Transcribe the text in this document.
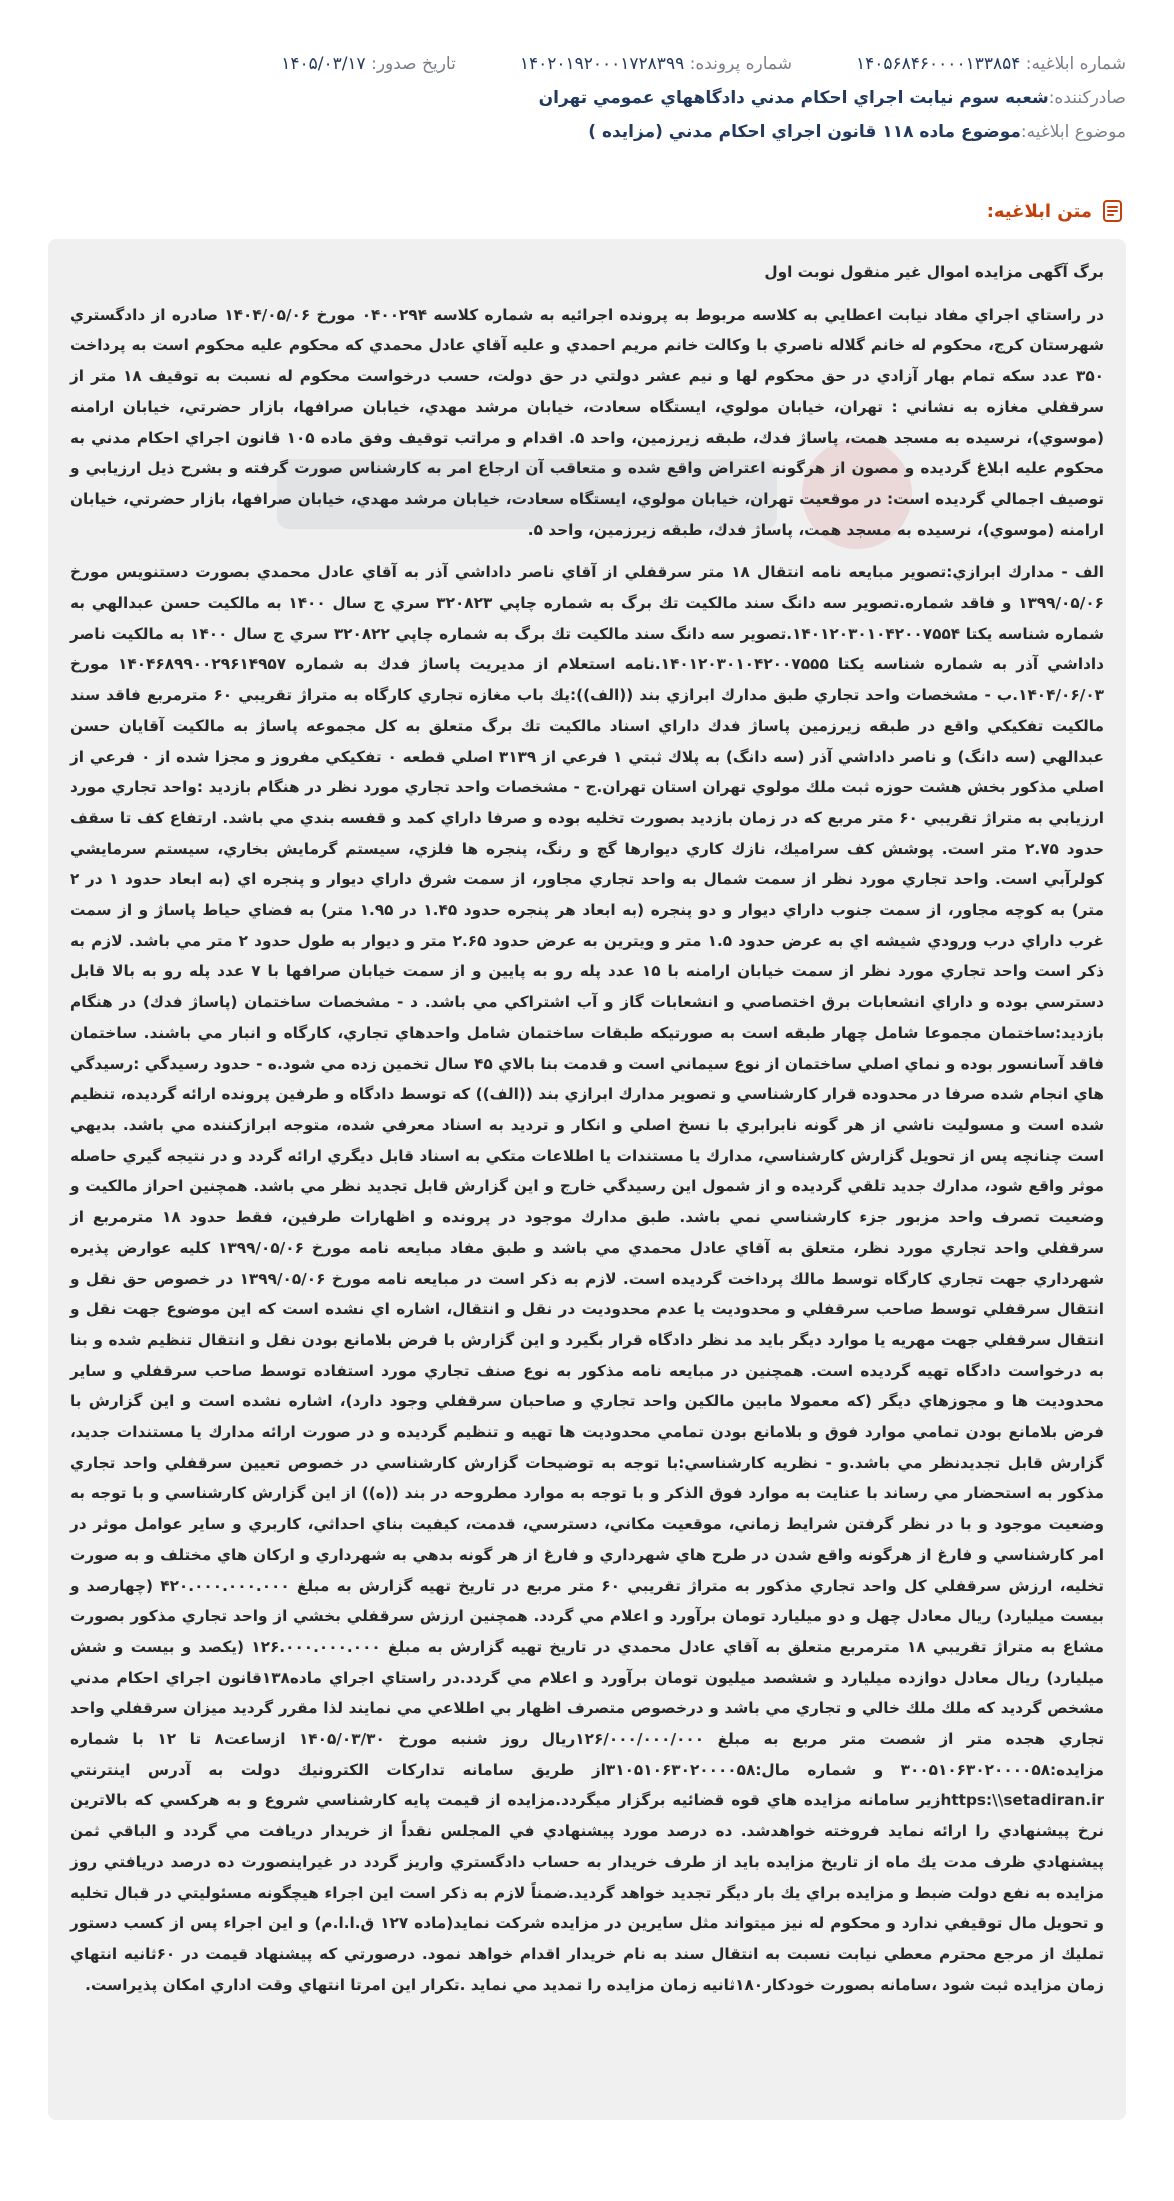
شماره ابلاغیه: ۱۴۰۵۶۸۴۶۰۰۰۰۱۳۳۸۵۴
شماره پرونده: ۱۴۰۲۰۱۹۲۰۰۰۱۷۲۸۳۹۹
تاریخ صدور: ۱۴۰۵/۰۳/۱۷
صادرکننده:
شعبه سوم نيابت اجراي احكام مدني دادگاههاي عمومي تهران
موضوع ابلاغیه:
موضوع ماده ۱۱۸ قانون اجراي احكام مدني (مزايده )
متن ابلاغیه:

برگ آگهی مزايده اموال غير منقول نوبت اول

در راستاي اجراي مفاد نيابت اعطايي به كلاسه مربوط به پرونده اجرائيه به شماره كلاسه ۰۴۰۰۲۹۴ مورخ ۱۴۰۴/۰۵/۰۶ صادره از دادگستري شهرستان كرج، محكوم له خانم گلاله ناصري با وكالت خانم مريم احمدي و عليه آقاي عادل محمدي كه محكوم عليه محكوم است به پرداخت ۳۵۰ عدد سكه تمام بهار آزادي در حق محكوم لها و نيم عشر دولتي در حق دولت، حسب درخواست محكوم له نسبت به توقيف ۱۸ متر از سرقفلي مغازه به نشاني : تهران، خيابان مولوي، ايستگاه سعادت، خيابان مرشد مهدي، خيابان صرافها، بازار حضرتي، خيابان ارامنه (موسوي)، نرسيده به مسجد همت، پاساژ فدك، طبقه زيرزمين، واحد ۵. اقدام و مراتب توقيف وفق ماده ۱۰۵ قانون اجراي احكام مدني به محكوم عليه ابلاغ گرديده و مصون از هرگونه اعتراض واقع شده و متعاقب آن ارجاع امر به كارشناس صورت گرفته و بشرح ذيل ارزيابي و توصيف اجمالي گرديده است: در موقعيت تهران، خيابان مولوي، ايستگاه سعادت، خيابان مرشد مهدي، خيابان صرافها، بازار حضرتي، خيابان ارامنه (موسوي)، نرسيده به مسجد همت، پاساژ فدك، طبقه زيرزمين، واحد ۵.

الف - مدارك ابرازي:تصوير مبايعه نامه انتقال ۱۸ متر سرقفلي از آقاي ناصر داداشي آذر به آقاي عادل محمدي بصورت دستنويس مورخ ۱۳۹۹/۰۵/۰۶ و فاقد شماره.تصوير سه دانگ سند مالكيت تك برگ به شماره چاپي ۳۲۰۸۲۳ سري ج سال ۱۴۰۰ به مالكيت حسن عبدالهي به شماره شناسه يكتا ۱۴۰۱۲۰۳۰۱۰۴۲۰۰۷۵۵۴.تصوير سه دانگ سند مالكيت تك برگ به شماره چاپي ۳۲۰۸۲۲ سري ج سال ۱۴۰۰ به مالكيت ناصر داداشي آذر به شماره شناسه يكتا ۱۴۰۱۲۰۳۰۱۰۴۲۰۰۷۵۵۵.نامه استعلام از مديريت پاساژ فدك به شماره ۱۴۰۴۶۸۹۹۰۰۲۹۶۱۴۹۵۷ مورخ ۱۴۰۴/۰۶/۰۳.ب - مشخصات واحد تجاري طبق مدارك ابرازي بند ((الف)):يك باب مغازه تجاري كارگاه به متراژ تقريبي ۶۰ مترمربع فاقد سند مالكيت تفكيكي واقع در طبقه زيرزمين پاساژ فدك داراي اسناد مالكيت تك برگ متعلق به كل مجموعه پاساژ به مالكيت آقايان حسن عبدالهي (سه دانگ) و ناصر داداشي آذر (سه دانگ) به پلاك ثبتي ۱ فرعي از ۳۱۳۹ اصلي قطعه ۰ تفكيكي مفروز و مجزا شده از ۰ فرعي از اصلي مذكور بخش هشت حوزه ثبت ملك مولوي تهران استان تهران.ج - مشخصات واحد تجاري مورد نظر در هنگام بازديد :واحد تجاري مورد ارزيابي به متراژ تقريبي ۶۰ متر مربع كه در زمان بازديد بصورت تخليه بوده و صرفا داراي كمد و قفسه بندي مي باشد. ارتفاع كف تا سقف حدود ۲.۷۵ متر است. پوشش كف سراميك، نازك كاري ديوارها گچ و رنگ، پنجره ها فلزي، سيستم گرمايش بخاري، سيستم سرمايشي كولرآبي است. واحد تجاري مورد نظر از سمت شمال به واحد تجاري مجاور، از سمت شرق داراي ديوار و پنجره اي (به ابعاد حدود ۱ در ۲ متر) به كوچه مجاور، از سمت جنوب داراي ديوار و دو پنجره (به ابعاد هر پنجره حدود ۱.۴۵ در ۱.۹۵ متر) به فضاي حياط پاساژ و از سمت غرب داراي درب ورودي شيشه اي به عرض حدود ۱.۵ متر و ويترين به عرض حدود ۲.۶۵ متر و ديوار به طول حدود ۲ متر مي باشد. لازم به ذكر است واحد تجاري مورد نظر از سمت خيابان ارامنه با ۱۵ عدد پله رو به پايين و از سمت خيابان صرافها با ۷ عدد پله رو به بالا قابل دسترسي بوده و داراي انشعابات برق اختصاصي و انشعابات گاز و آب اشتراكي مي باشد. د - مشخصات ساختمان (پاساژ فدك) در هنگام بازديد:ساختمان مجموعا شامل چهار طبقه است به صورتيكه طبقات ساختمان شامل واحدهاي تجاري، كارگاه و انبار مي باشند. ساختمان فاقد آسانسور بوده و نماي اصلي ساختمان از نوع سيماني است و قدمت بنا بالاي ۴۵ سال تخمين زده مي شود.ه - حدود رسيدگي :رسيدگي هاي انجام شده صرفا در محدوده قرار كارشناسي و تصوير مدارك ابرازي بند ((الف)) كه توسط دادگاه و طرفين پرونده ارائه گرديده، تنظيم شده است و مسوليت ناشي از هر گونه نابرابري با نسخ اصلي و انكار و ترديد به اسناد معرفي شده، متوجه ابرازكننده مي باشد. بديهي است چنانچه پس از تحويل گزارش كارشناسي، مدارك يا مستندات يا اطلاعات متكي به اسناد قابل ديگري ارائه گردد و در نتيجه گيري حاصله موثر واقع شود، مدارك جديد تلقي گرديده و از شمول اين رسيدگي خارج و اين گزارش قابل تجديد نظر مي باشد. همچنين احراز مالكيت و وضعيت تصرف واحد مزبور جزء كارشناسي نمي باشد. طبق مدارك موجود در پرونده و اظهارات طرفين، فقط حدود ۱۸ مترمربع از سرقفلي واحد تجاري مورد نظر، متعلق به آقاي عادل محمدي مي باشد و طبق مفاد مبايعه نامه مورخ ۱۳۹۹/۰۵/۰۶ كليه عوارض پذيره شهرداري جهت تجاري كارگاه توسط مالك پرداخت گرديده است. لازم به ذكر است در مبايعه نامه مورخ ۱۳۹۹/۰۵/۰۶ در خصوص حق نقل و انتقال سرقفلي توسط صاحب سرقفلي و محدوديت يا عدم محدوديت در نقل و انتقال، اشاره اي نشده است كه اين موضوع جهت نقل و انتقال سرقفلي جهت مهريه يا موارد ديگر بايد مد نظر دادگاه قرار بگيرد و اين گزارش با فرض بلامانع بودن نقل و انتقال تنظيم شده و بنا به درخواست دادگاه تهيه گرديده است. همچنين در مبايعه نامه مذكور به نوع صنف تجاري مورد استفاده توسط صاحب سرقفلي و ساير محدوديت ها و مجوزهاي ديگر (كه معمولا مابين مالكين واحد تجاري و صاحبان سرقفلي وجود دارد)، اشاره نشده است و اين گزارش با فرض بلامانع بودن تمامي موارد فوق و بلامانع بودن تمامي محدوديت ها تهيه و تنظيم گرديده و در صورت ارائه مدارك يا مستندات جديد، گزارش قابل تجديدنظر مي باشد.و - نظريه كارشناسي:با توجه به توضيحات گزارش كارشناسي در خصوص تعيين سرقفلي واحد تجاري مذكور به استحضار مي رساند با عنايت به موارد فوق الذكر و با توجه به موارد مطروحه در بند ((ه)) از اين گزارش كارشناسي و با توجه به وضعيت موجود و با در نظر گرفتن شرايط زماني، موقعيت مكاني، دسترسي، قدمت، كيفيت بناي احداثي، كاربري و ساير عوامل موثر در امر كارشناسي و فارغ از هرگونه واقع شدن در طرح هاي شهرداري و فارغ از هر گونه بدهي به شهرداري و اركان هاي مختلف و به صورت تخليه، ارزش سرقفلي كل واحد تجاري مذكور به متراژ تقريبي ۶۰ متر مربع در تاريخ تهيه گزارش به مبلغ ۴۲۰.۰۰۰.۰۰۰.۰۰۰ (چهارصد و بيست ميليارد) ريال معادل چهل و دو ميليارد تومان برآورد و اعلام مي گردد. همچنين ارزش سرقفلي بخشي از واحد تجاري مذكور بصورت مشاع به متراژ تقريبي ۱۸ مترمربع متعلق به آقاي عادل محمدي در تاريخ تهيه گزارش به مبلغ ۱۲۶.۰۰۰.۰۰۰.۰۰۰ (يكصد و بيست و شش ميليارد) ريال معادل دوازده ميليارد و ششصد ميليون تومان برآورد و اعلام مي گردد.در راستاي اجراي ماده۱۳۸قانون اجراي احكام مدني مشخص گرديد كه ملك ملك خالي و تجاري مي باشد و درخصوص متصرف اظهار بي اطلاعي مي نمايند لذا مقرر گرديد ميزان سرقفلي واحد تجاري هجده متر از شصت متر مربع به مبلغ ۱۲۶/۰۰۰/۰۰۰/۰۰۰ريال روز شنبه مورخ ۱۴۰۵/۰۳/۳۰ ازساعت۸ تا ۱۲ با شماره مزايده:۳۰۰۵۱۰۶۳۰۲۰۰۰۰۵۸ و شماره مال:۳۱۰۵۱۰۶۳۰۲۰۰۰۰۵۸از طريق سامانه تداركات الكترونيك دولت به آدرس اينترنتي https:\\setadiran.irزير سامانه مزايده هاي قوه قضائيه برگزار ميگردد.مزايده از قيمت پايه كارشناسي شروع و به هركسي كه بالاترين نرخ پيشنهادي را ارائه نمايد فروخته خواهدشد. ده درصد مورد پيشنهادي في المجلس نقداً از خريدار دريافت مي گردد و الباقي ثمن پيشنهادي ظرف مدت يك ماه از تاريخ مزايده بايد از طرف خريدار به حساب دادگستري واريز گردد در غيراينصورت ده درصد دريافتي روز مزايده به نفع دولت ضبط و مزايده براي يك بار ديگر تجديد خواهد گرديد.ضمناً لازم به ذكر است اين اجراء هيچگونه مسئوليتي در قبال تخليه و تحويل مال توقيفي ندارد و محكوم له نيز ميتواند مثل سايرين در مزايده شركت نمايد(ماده ۱۲۷ ق.ا.ا.م) و اين اجراء پس از كسب دستور تمليك از مرجع محترم معطي نيابت نسبت به انتقال سند به نام خريدار اقدام خواهد نمود. درصورتي كه پيشنهاد قيمت در ۶۰ثانيه انتهاي زمان مزايده ثبت شود ،سامانه بصورت خودكار۱۸۰ثانيه زمان مزايده را تمديد مي نمايد .تكرار اين امرتا انتهاي وقت اداري امكان پذيراست.
